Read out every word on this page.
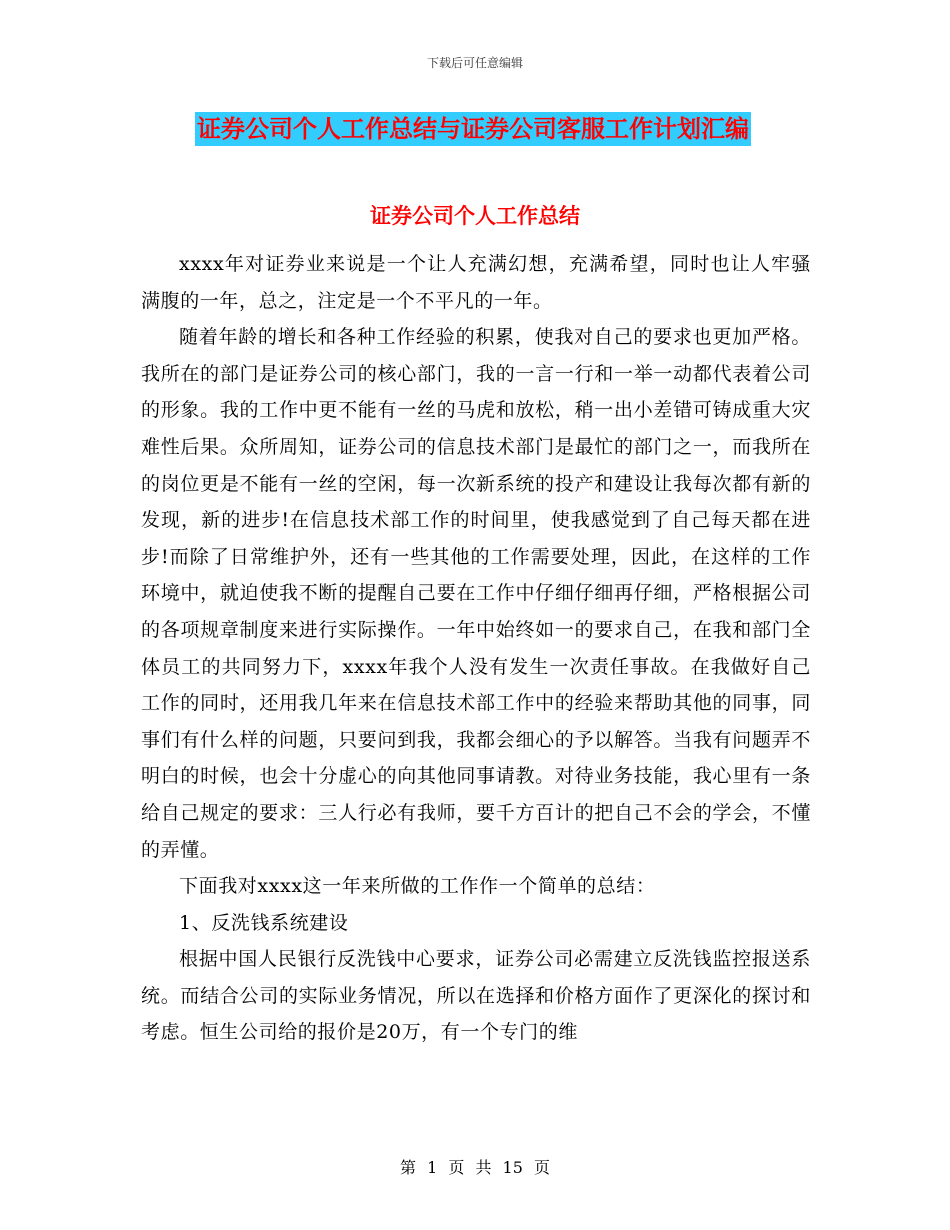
下载后可任意编辑
证券公司个人工作总结与证券公司客服工作计划汇编
证券公司个人工作总结

xxxx年对证券业来说是一个让人充满幻想，充满希望，同时也让人牢骚满腹的一年，总之，注定是一个不平凡的一年。

随着年龄的增长和各种工作经验的积累，使我对自己的要求也更加严格。我所在的部门是证券公司的核心部门，我的一言一行和一举一动都代表着公司的形象。我的工作中更不能有一丝的马虎和放松，稍一出小差错可铸成重大灾难性后果。众所周知，证券公司的信息技术部门是最忙的部门之一，而我所在的岗位更是不能有一丝的空闲，每一次新系统的投产和建设让我每次都有新的发现，新的进步!在信息技术部工作的时间里，使我感觉到了自己每天都在进步!而除了日常维护外，还有一些其他的工作需要处理，因此，在这样的工作环境中，就迫使我不断的提醒自己要在工作中仔细仔细再仔细，严格根据公司的各项规章制度来进行实际操作。一年中始终如一的要求自己，在我和部门全体员工的共同努力下，xxxx年我个人没有发生一次责任事故。在我做好自己工作的同时，还用我几年来在信息技术部工作中的经验来帮助其他的同事，同事们有什么样的问题，只要问到我，我都会细心的予以解答。当我有问题弄不明白的时候，也会十分虚心的向其他同事请教。对待业务技能，我心里有一条给自己规定的要求：三人行必有我师，要千方百计的把自己不会的学会，不懂的弄懂。

下面我对xxxx这一年来所做的工作作一个简单的总结：

1、反洗钱系统建设

根据中国人民银行反洗钱中心要求，证券公司必需建立反洗钱监控报送系统。而结合公司的实际业务情况，所以在选择和价格方面作了更深化的探讨和考虑。恒生公司给的报价是20万，有一个专门的维

第 1 页 共 15 页
